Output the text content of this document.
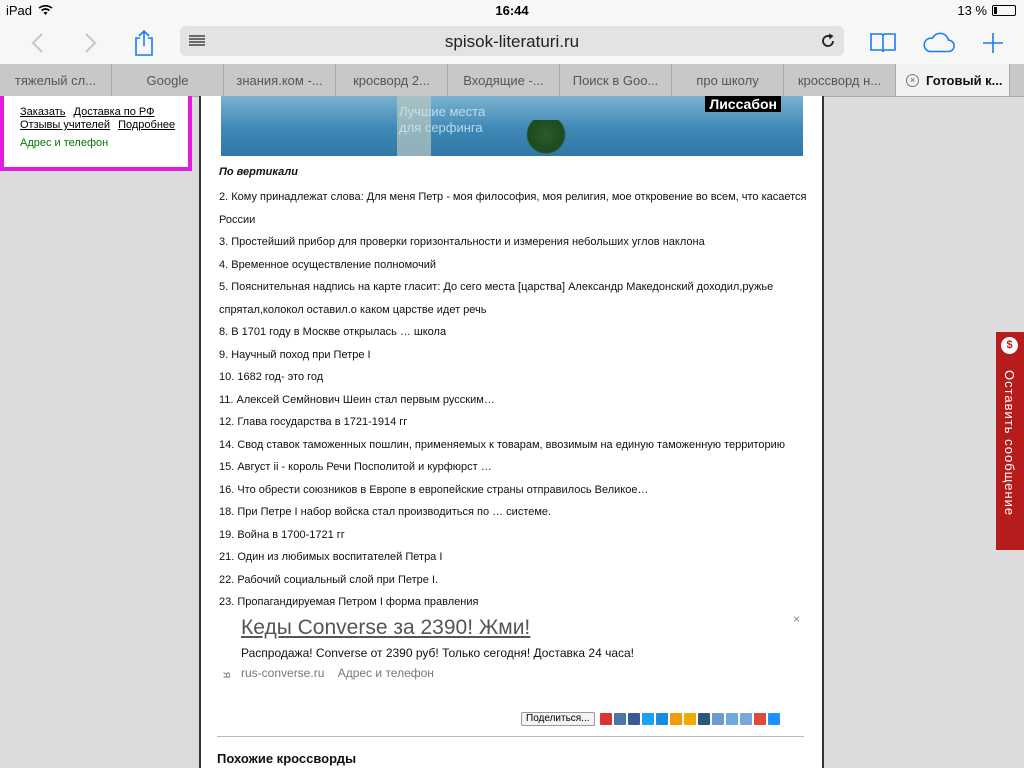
iPad	16:44	13 %
spisok-literaturi.ru
тяжелый сл...	Google	знания.ком -...	кросворд 2...	Входящие -...	Поиск в Goo...	про школу	кроссворд н...	× Готовый к...
Заказать Доставка по РФ
Отзывы учителей Подробнее
Адрес и телефон
Лучшие места
для серфинга
Лиссабон
По вертикали
2. Кому принадлежат слова: Для меня Петр - моя философия, моя религия, мое откровение во всем, что касается России
3. Простейший прибор для проверки горизонтальности и измерения небольших углов наклона
4. Временное осуществление полномочий
5. Пояснительная надпись на карте гласит: До сего места [царства] Александр Македонский доходил,ружье спрятал,колокол оставил.о каком царстве идет речь
8. В 1701 году в Москве открылась … школа
9. Научный поход при Петре I
10. 1682 год- это год
11. Алексей Семйнович Шеин стал первым русским…
12. Глава государства в 1721-1914 гг
14. Свод ставок таможенных пошлин, применяемых к товарам, ввозимым на единую таможенную территорию
15. Август ii - король Речи Посполитой и курфюрст …
16. Что обрести союзников в Европе в европейские страны отправилось Великое…
18. При Петре I набор войска стал производиться по … системе.
19. Война в 1700-1721 гг
21. Один из любимых воспитателей Петра I
22. Рабочий социальный слой при Петре I.
23. Пропагандируемая Петром I форма правления
×
Кеды Converse за 2390! Жми!
Распродажа! Converse от 2390 руб! Только сегодня! Доставка 24 часа!
rus-converse.ru Адрес и телефон
Я
Поделиться...
Похожие кроссворды
$
Оставить сообщение
